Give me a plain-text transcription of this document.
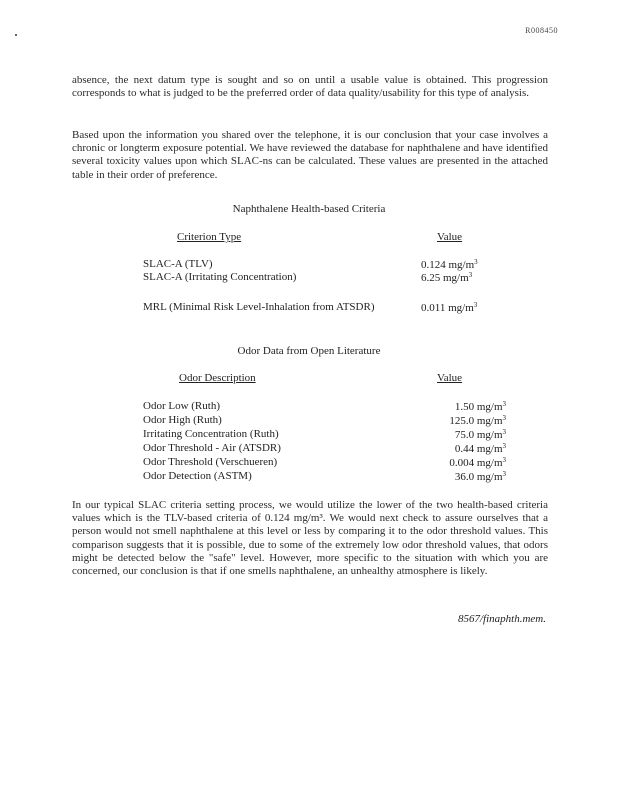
R008450
absence, the next datum type is sought and so on until a usable value is obtained. This progression corresponds to what is judged to be the preferred order of data quality/usability for this type of analysis.
Based upon the information you shared over the telephone, it is our conclusion that your case involves a chronic or longterm exposure potential. We have reviewed the database for naphthalene and have identified several toxicity values upon which SLAC-ns can be calculated. These values are presented in the attached table in their order of preference.
Naphthalene Health-based Criteria
Criterion Type	Value
SLAC-A (TLV)	0.124 $mg/m^3$
SLAC-A (Irritating Concentration)	6.25 $mg/m^3$
MRL (Minimal Risk Level-Inhalation from ATSDR)	0.011 $mg/m^3$
Odor Data from Open Literature
Odor Description	Value
Odor Low (Ruth)	1.50 $mg/m^3$
Odor High (Ruth)	125.0 $mg/m^3$
Irritating Concentration (Ruth)	75.0 $mg/m^3$
Odor Threshold - Air (ATSDR)	0.44 $mg/m^3$
Odor Threshold (Verschueren)	0.004 $mg/m^3$
Odor Detection (ASTM)	36.0 $mg/m^3$
In our typical SLAC criteria setting process, we would utilize the lower of the two health-based criteria values which is the TLV-based criteria of 0.124 mg/m³. We would next check to assure ourselves that a person would not smell naphthalene at this level or less by comparing it to the odor threshold values. This comparison suggests that it is possible, due to some of the extremely low odor threshold values, that odors might be detected below the "safe" level. However, more specific to the situation with which you are concerned, our conclusion is that if one smells naphthalene, an unhealthy atmosphere is likely.
8567/finaphth.mem.
